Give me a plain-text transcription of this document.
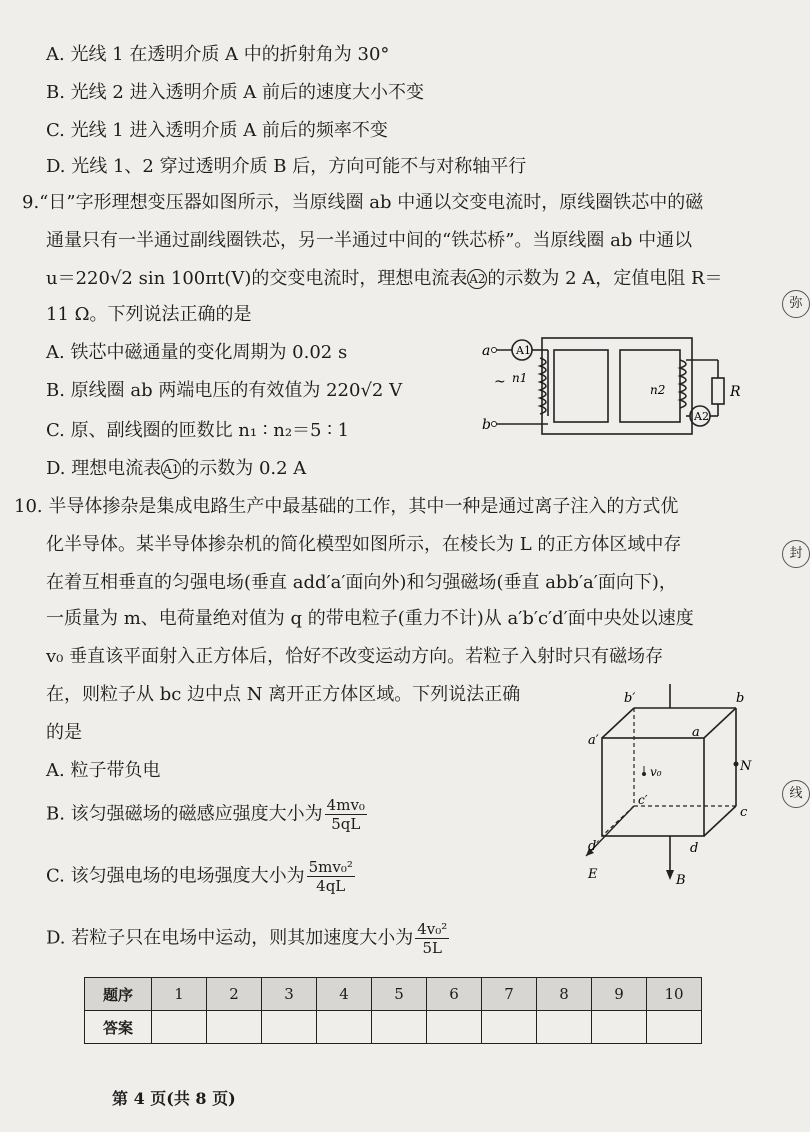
A. 光线 1 在透明介质 A 中的折射角为 30°
B. 光线 2 进入透明介质 A 前后的速度大小不变
C. 光线 1 进入透明介质 A 前后的频率不变
D. 光线 1、2 穿过透明介质 B 后，方向可能不与对称轴平行
9.“日”字形理想变压器如图所示，当原线圈 ab 中通以交变电流时，原线圈铁芯中的磁
通量只有一半通过副线圈铁芯，另一半通过中间的“铁芯桥”。当原线圈 ab 中通以
u＝220√2 sin 100πt(V)的交变电流时，理想电流表 A2 的示数为 2 A，定值电阻 R＝
11 Ω。下列说法正确的是
A. 铁芯中磁通量的变化周期为 0.02 s
B. 原线圈 ab 两端电压的有效值为 220√2 V
C. 原、副线圈的匝数比 n₁ ∶ n₂＝5 ∶ 1
D. 理想电流表 A1 的示数为 0.2 A
a
b
A1
A2
n1
~	n2	R
10. 半导体掺杂是集成电路生产中最基础的工作，其中一种是通过离子注入的方式优
化半导体。某半导体掺杂机的简化模型如图所示，在棱长为 L 的正方体区域中存
在着互相垂直的匀强电场(垂直 add′a′面向外)和匀强磁场(垂直 abb′a′面向下)，
一质量为 m、电荷量绝对值为 q 的带电粒子(重力不计)从 a′b′c′d′面中央处以速度
v₀ 垂直该平面射入正方体后，恰好不改变运动方向。若粒子入射时只有磁场存
在，则粒子从 bc 边中点 N 离开正方体区域。下列说法正确
的是
A. 粒子带负电
B. 该匀强磁场的磁感应强度大小为 $\frac{\text{4mv₀}}{5qL}$
C. 该匀强电场的电场强度大小为 $\frac{\text{5mv₀²}}{4qL}$
D. 若粒子只在电场中运动，则其加速度大小为 $\frac{\text{4v₀²}}{5L}$
b′	b
a′
a
N
v₀
c′
c
d′	d
E	B
弥
封
线
题序	1	2	3	4	5	6	7	8	9	10
答案										
第 4 页(共 8 页)
